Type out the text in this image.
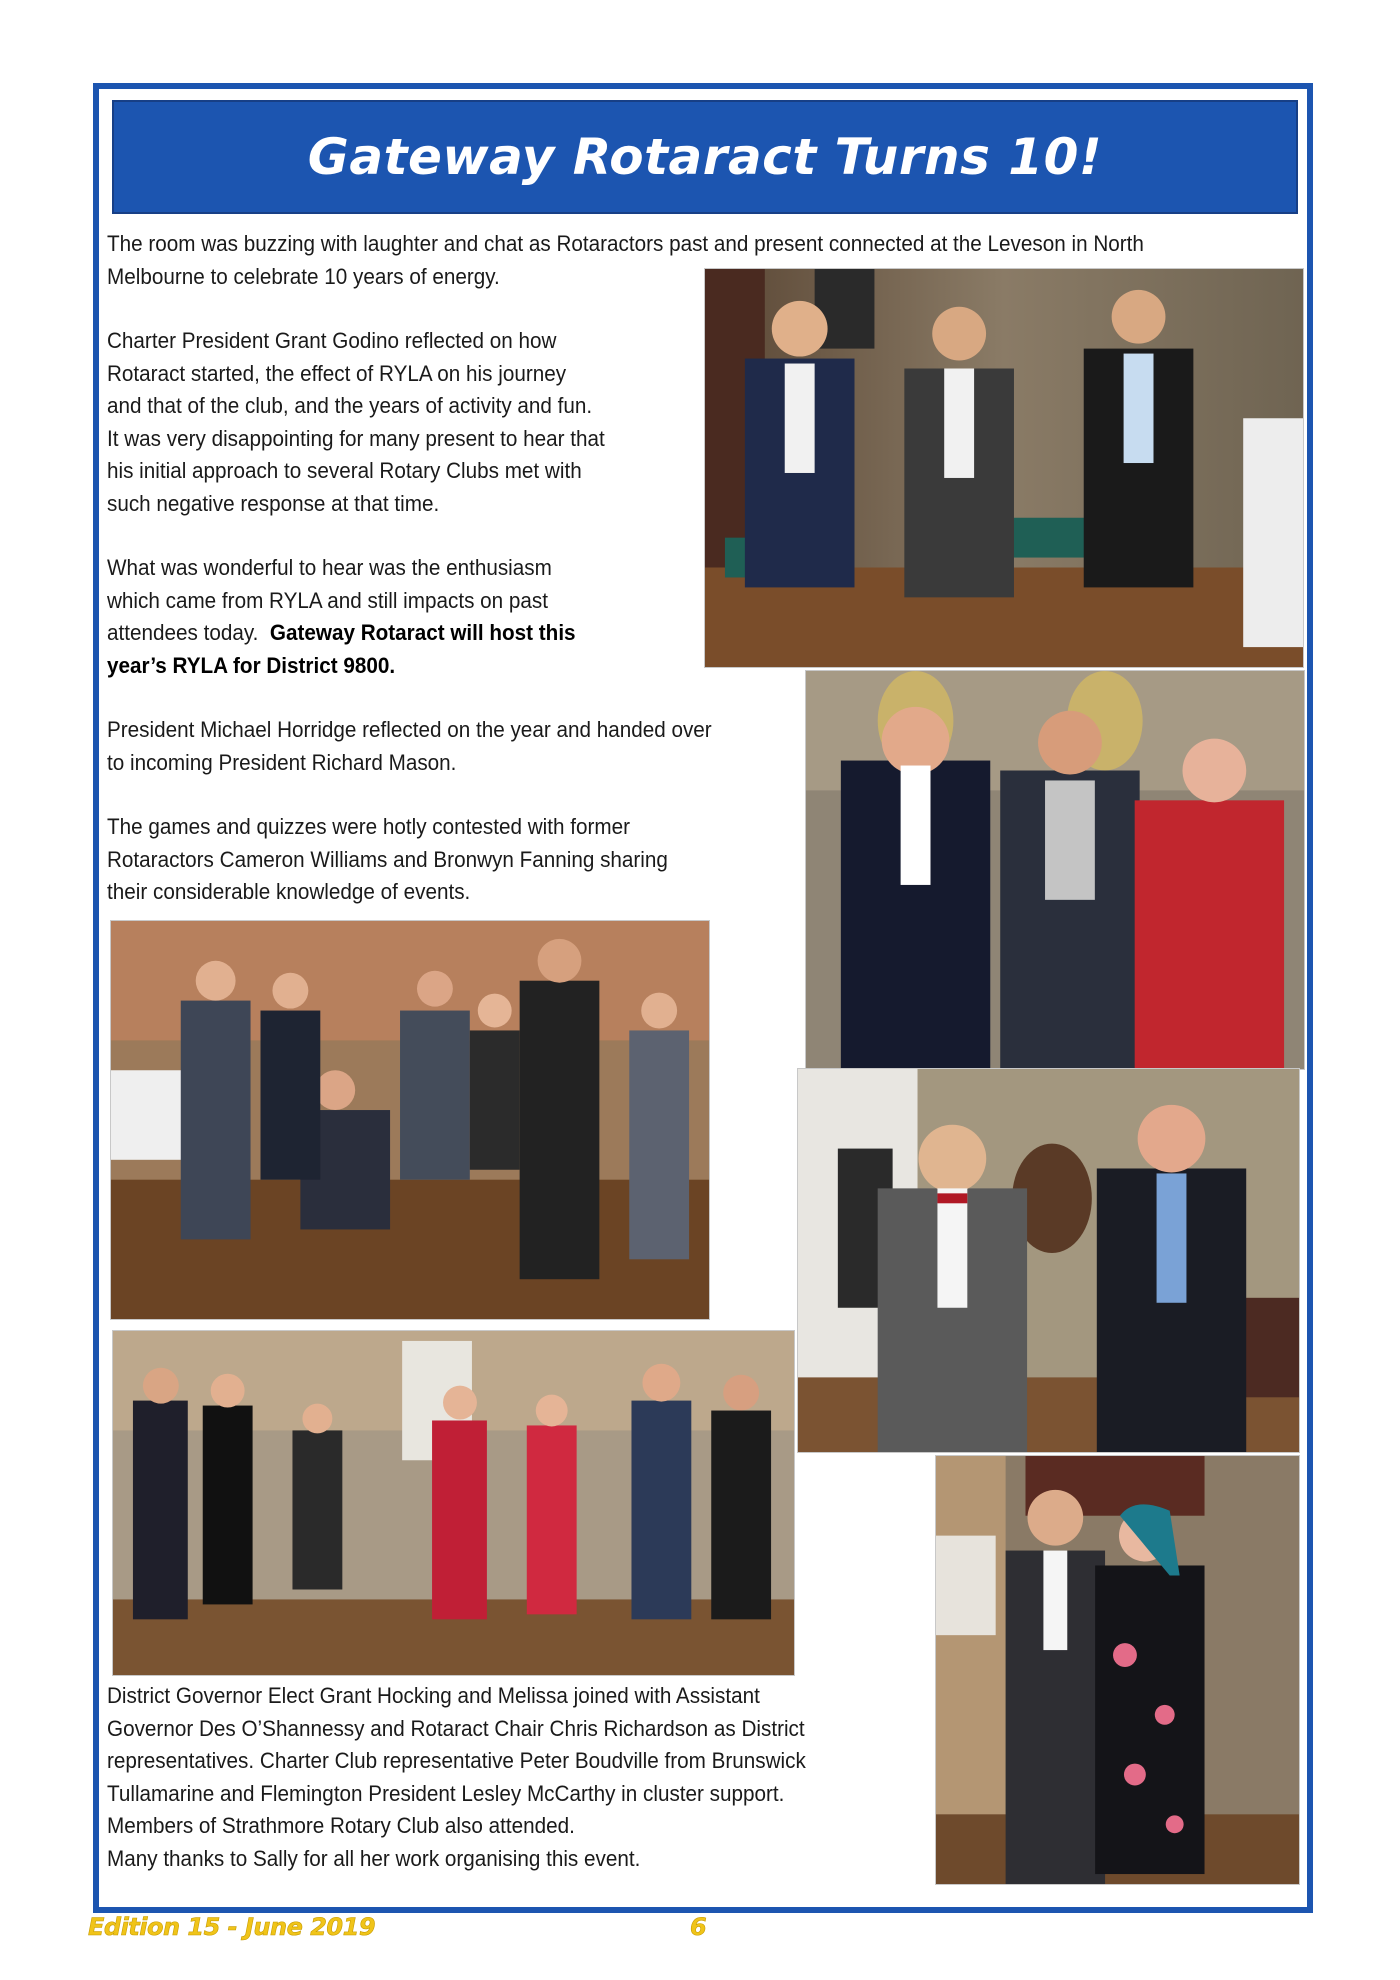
Gateway Rotaract Turns 10!
The room was buzzing with laughter and chat as Rotaractors past and present connected at the Leveson in North
Melbourne to celebrate 10 years of energy.
Charter President Grant Godino reflected on how
Rotaract started, the effect of RYLA on his journey
and that of the club, and the years of activity and fun.
It was very disappointing for many present to hear that
his initial approach to several Rotary Clubs met with
such negative response at that time.
What was wonderful to hear was the enthusiasm
which came from RYLA and still impacts on past
attendees today. Gateway Rotaract will host this
year’s RYLA for District 9800.
President Michael Horridge reflected on the year and handed over
to incoming President Richard Mason.
The games and quizzes were hotly contested with former
Rotaractors Cameron Williams and Bronwyn Fanning sharing
their considerable knowledge of events.
District Governor Elect Grant Hocking and Melissa joined with Assistant
Governor Des O’Shannessy and Rotaract Chair Chris Richardson as District
representatives. Charter Club representative Peter Boudville from Brunswick
Tullamarine and Flemington President Lesley McCarthy in cluster support.
Members of Strathmore Rotary Club also attended.
Many thanks to Sally for all her work organising this event.
Edition 15 - June 2019	6
